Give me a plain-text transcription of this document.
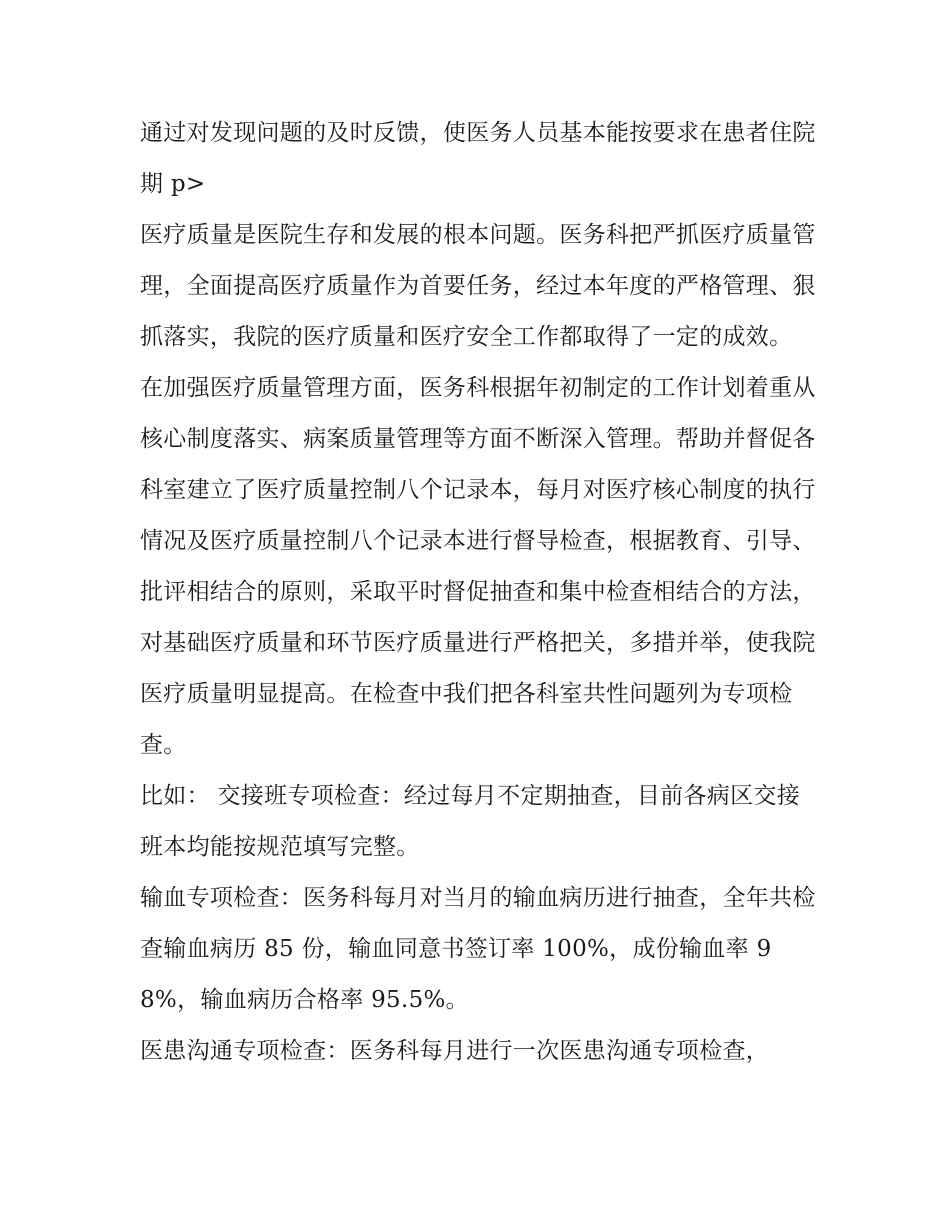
通过对发现问题的及时反馈，使医务人员基本能按要求在患者住院期 p>

医疗质量是医院生存和发展的根本问题。医务科把严抓医疗质量管理，全面提高医疗质量作为首要任务，经过本年度的严格管理、狠抓落实，我院的医疗质量和医疗安全工作都取得了一定的成效。

在加强医疗质量管理方面，医务科根据年初制定的工作计划着重从核心制度落实、病案质量管理等方面不断深入管理。帮助并督促各科室建立了医疗质量控制八个记录本，每月对医疗核心制度的执行情况及医疗质量控制八个记录本进行督导检查，根据教育、引导、批评相结合的原则，采取平时督促抽查和集中检查相结合的方法，对基础医疗质量和环节医疗质量进行严格把关，多措并举，使我院医疗质量明显提高。在检查中我们把各科室共性问题列为专项检查。

比如： 交接班专项检查：经过每月不定期抽查，目前各病区交接班本均能按规范填写完整。

输血专项检查：医务科每月对当月的输血病历进行抽查，全年共检查输血病历 85 份，输血同意书签订率 100%，成份输血率 98%，输血病历合格率 95.5%。

医患沟通专项检查：医务科每月进行一次医患沟通专项检查，
